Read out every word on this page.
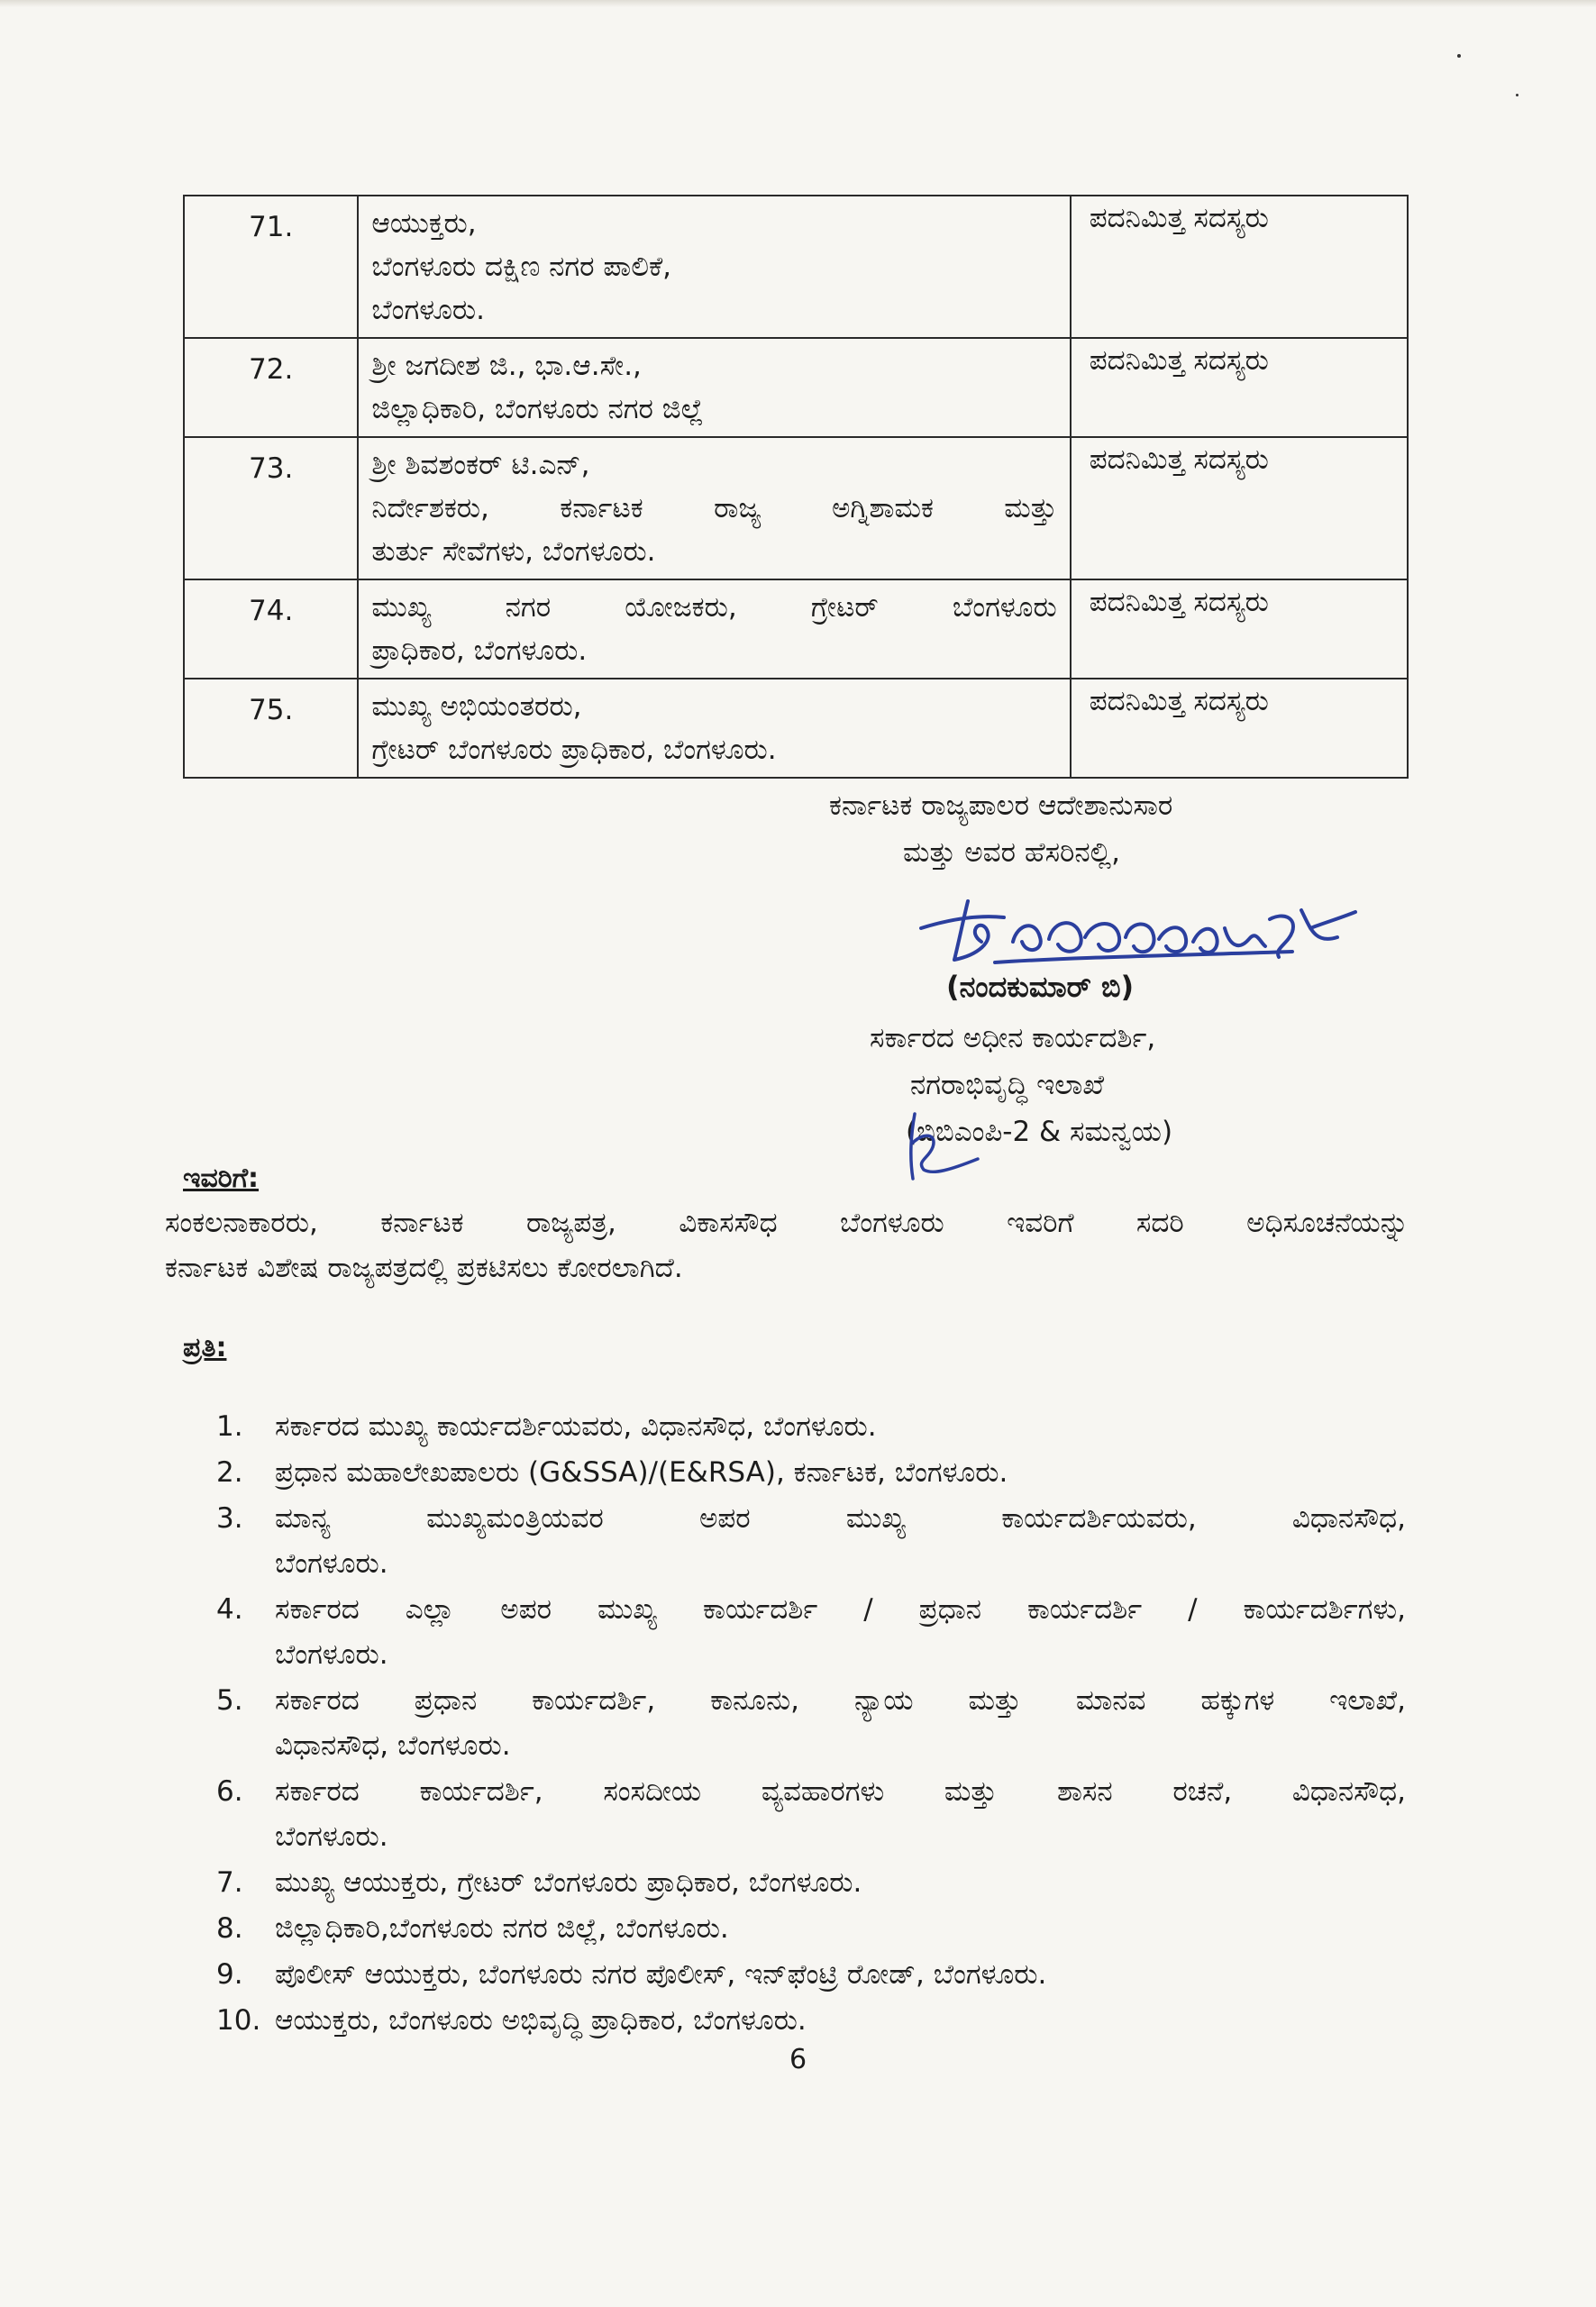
71.	ಆಯುಕ್ತರು,
ಬೆಂಗಳೂರು ದಕ್ಷಿಣ ನಗರ ಪಾಲಿಕೆ,
ಬೆಂಗಳೂರು.	ಪದನಿಮಿತ್ತ ಸದಸ್ಯರು
72.	ಶ್ರೀ ಜಗದೀಶ ಜಿ., ಭಾ.ಆ.ಸೇ.,
ಜಿಲ್ಲಾಧಿಕಾರಿ, ಬೆಂಗಳೂರು ನಗರ ಜಿಲ್ಲೆ	ಪದನಿಮಿತ್ತ ಸದಸ್ಯರು
73.	ಶ್ರೀ ಶಿವಶಂಕರ್ ಟಿ.ಎನ್,
ನಿರ್ದೇಶಕರು, ಕರ್ನಾಟಕ ರಾಜ್ಯ ಅಗ್ನಿಶಾಮಕ ಮತ್ತು
ತುರ್ತು ಸೇವೆಗಳು, ಬೆಂಗಳೂರು.	ಪದನಿಮಿತ್ತ ಸದಸ್ಯರು
74.	ಮುಖ್ಯ ನಗರ ಯೋಜಕರು, ಗ್ರೇಟರ್ ಬೆಂಗಳೂರು
ಪ್ರಾಧಿಕಾರ, ಬೆಂಗಳೂರು.	ಪದನಿಮಿತ್ತ ಸದಸ್ಯರು
75.	ಮುಖ್ಯ ಅಭಿಯಂತರರು,
ಗ್ರೇಟರ್ ಬೆಂಗಳೂರು ಪ್ರಾಧಿಕಾರ, ಬೆಂಗಳೂರು.	ಪದನಿಮಿತ್ತ ಸದಸ್ಯರು
ಕರ್ನಾಟಕ ರಾಜ್ಯಪಾಲರ ಆದೇಶಾನುಸಾರ
ಮತ್ತು ಅವರ ಹೆಸರಿನಲ್ಲಿ,
(ನಂದಕುಮಾರ್ ಬಿ)
ಸರ್ಕಾರದ ಅಧೀನ ಕಾರ್ಯದರ್ಶಿ,
ನಗರಾಭಿವೃದ್ಧಿ ಇಲಾಖೆ
(ಬಿಬಿಎಂಪಿ-2 & ಸಮನ್ವಯ)
ಇವರಿಗೆ:
ಸಂಕಲನಾಕಾರರು, ಕರ್ನಾಟಕ ರಾಜ್ಯಪತ್ರ, ವಿಕಾಸಸೌಧ ಬೆಂಗಳೂರು ಇವರಿಗೆ ಸದರಿ ಅಧಿಸೂಚನೆಯನ್ನು
ಕರ್ನಾಟಕ ವಿಶೇಷ ರಾಜ್ಯಪತ್ರದಲ್ಲಿ ಪ್ರಕಟಿಸಲು ಕೋರಲಾಗಿದೆ.
ಪ್ರತಿ:
1.	ಸರ್ಕಾರದ ಮುಖ್ಯ ಕಾರ್ಯದರ್ಶಿಯವರು, ವಿಧಾನಸೌಧ, ಬೆಂಗಳೂರು.
2.	ಪ್ರಧಾನ ಮಹಾಲೇಖಪಾಲರು (G&SSA)/(E&RSA), ಕರ್ನಾಟಕ, ಬೆಂಗಳೂರು.
3.	ಮಾನ್ಯ ಮುಖ್ಯಮಂತ್ರಿಯವರ ಅಪರ ಮುಖ್ಯ ಕಾರ್ಯದರ್ಶಿಯವರು, ವಿಧಾನಸೌಧ,
ಬೆಂಗಳೂರು.
4.	ಸರ್ಕಾರದ ಎಲ್ಲಾ ಅಪರ ಮುಖ್ಯ ಕಾರ್ಯದರ್ಶಿ / ಪ್ರಧಾನ ಕಾರ್ಯದರ್ಶಿ / ಕಾರ್ಯದರ್ಶಿಗಳು,
ಬೆಂಗಳೂರು.
5.	ಸರ್ಕಾರದ ಪ್ರಧಾನ ಕಾರ್ಯದರ್ಶಿ, ಕಾನೂನು, ನ್ಯಾಯ ಮತ್ತು ಮಾನವ ಹಕ್ಕುಗಳ ಇಲಾಖೆ,
ವಿಧಾನಸೌಧ, ಬೆಂಗಳೂರು.
6.	ಸರ್ಕಾರದ ಕಾರ್ಯದರ್ಶಿ, ಸಂಸದೀಯ ವ್ಯವಹಾರಗಳು ಮತ್ತು ಶಾಸನ ರಚನೆ, ವಿಧಾನಸೌಧ,
ಬೆಂಗಳೂರು.
7.	ಮುಖ್ಯ ಆಯುಕ್ತರು, ಗ್ರೇಟರ್ ಬೆಂಗಳೂರು ಪ್ರಾಧಿಕಾರ, ಬೆಂಗಳೂರು.
8.	ಜಿಲ್ಲಾಧಿಕಾರಿ,ಬೆಂಗಳೂರು ನಗರ ಜಿಲ್ಲೆ, ಬೆಂಗಳೂರು.
9.	ಪೊಲೀಸ್ ಆಯುಕ್ತರು, ಬೆಂಗಳೂರು ನಗರ ಪೊಲೀಸ್, ಇನ್‌ಫೆಂಟ್ರಿ ರೋಡ್, ಬೆಂಗಳೂರು.
10. ಆಯುಕ್ತರು, ಬೆಂಗಳೂರು ಅಭಿವೃದ್ಧಿ ಪ್ರಾಧಿಕಾರ, ಬೆಂಗಳೂರು.
6
